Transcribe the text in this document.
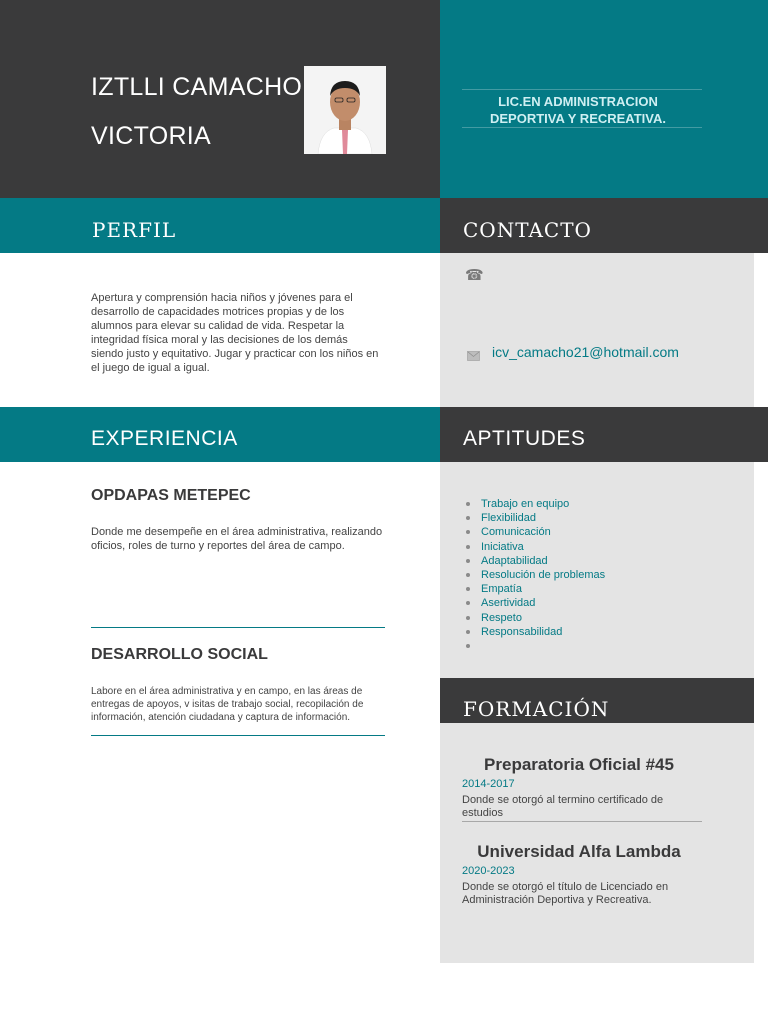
IZTLLI CAMACHO
VICTORIA
LIC.EN ADMINISTRACION DEPORTIVA Y RECREATIVA.
PERFIL	CONTACTO
EXPERIENCIA	APTITUDES
FORMACIÓN
Apertura y comprensión hacia niños y jóvenes para el desarrollo de capacidades motrices propias y de los alumnos para elevar su calidad de vida. Respetar la integridad física moral y las decisiones de los demás siendo justo y equitativo. Jugar y practicar con los niños en el juego de igual a igual.
☎
icv_camacho21@hotmail.com
OPDAPAS METEPEC
Donde me desempeñe en el área administrativa, realizando oficios, roles de turno y reportes del área de campo.
DESARROLLO SOCIAL
Labore en el área administrativa y en campo, en las áreas de entregas de apoyos, v isitas de trabajo social, recopilación de información, atención ciudadana y captura de información.
Trabajo en equipo
Flexibilidad
Comunicación
Iniciativa
Adaptabilidad
Resolución de problemas
Empatía
Asertividad
Respeto
Responsabilidad
Preparatoria Oficial #45
2014-2017
Donde se otorgó al termino certificado de estudios
Universidad Alfa Lambda
2020-2023
Donde se otorgó el título de Licenciado en Administración Deportiva y Recreativa.
